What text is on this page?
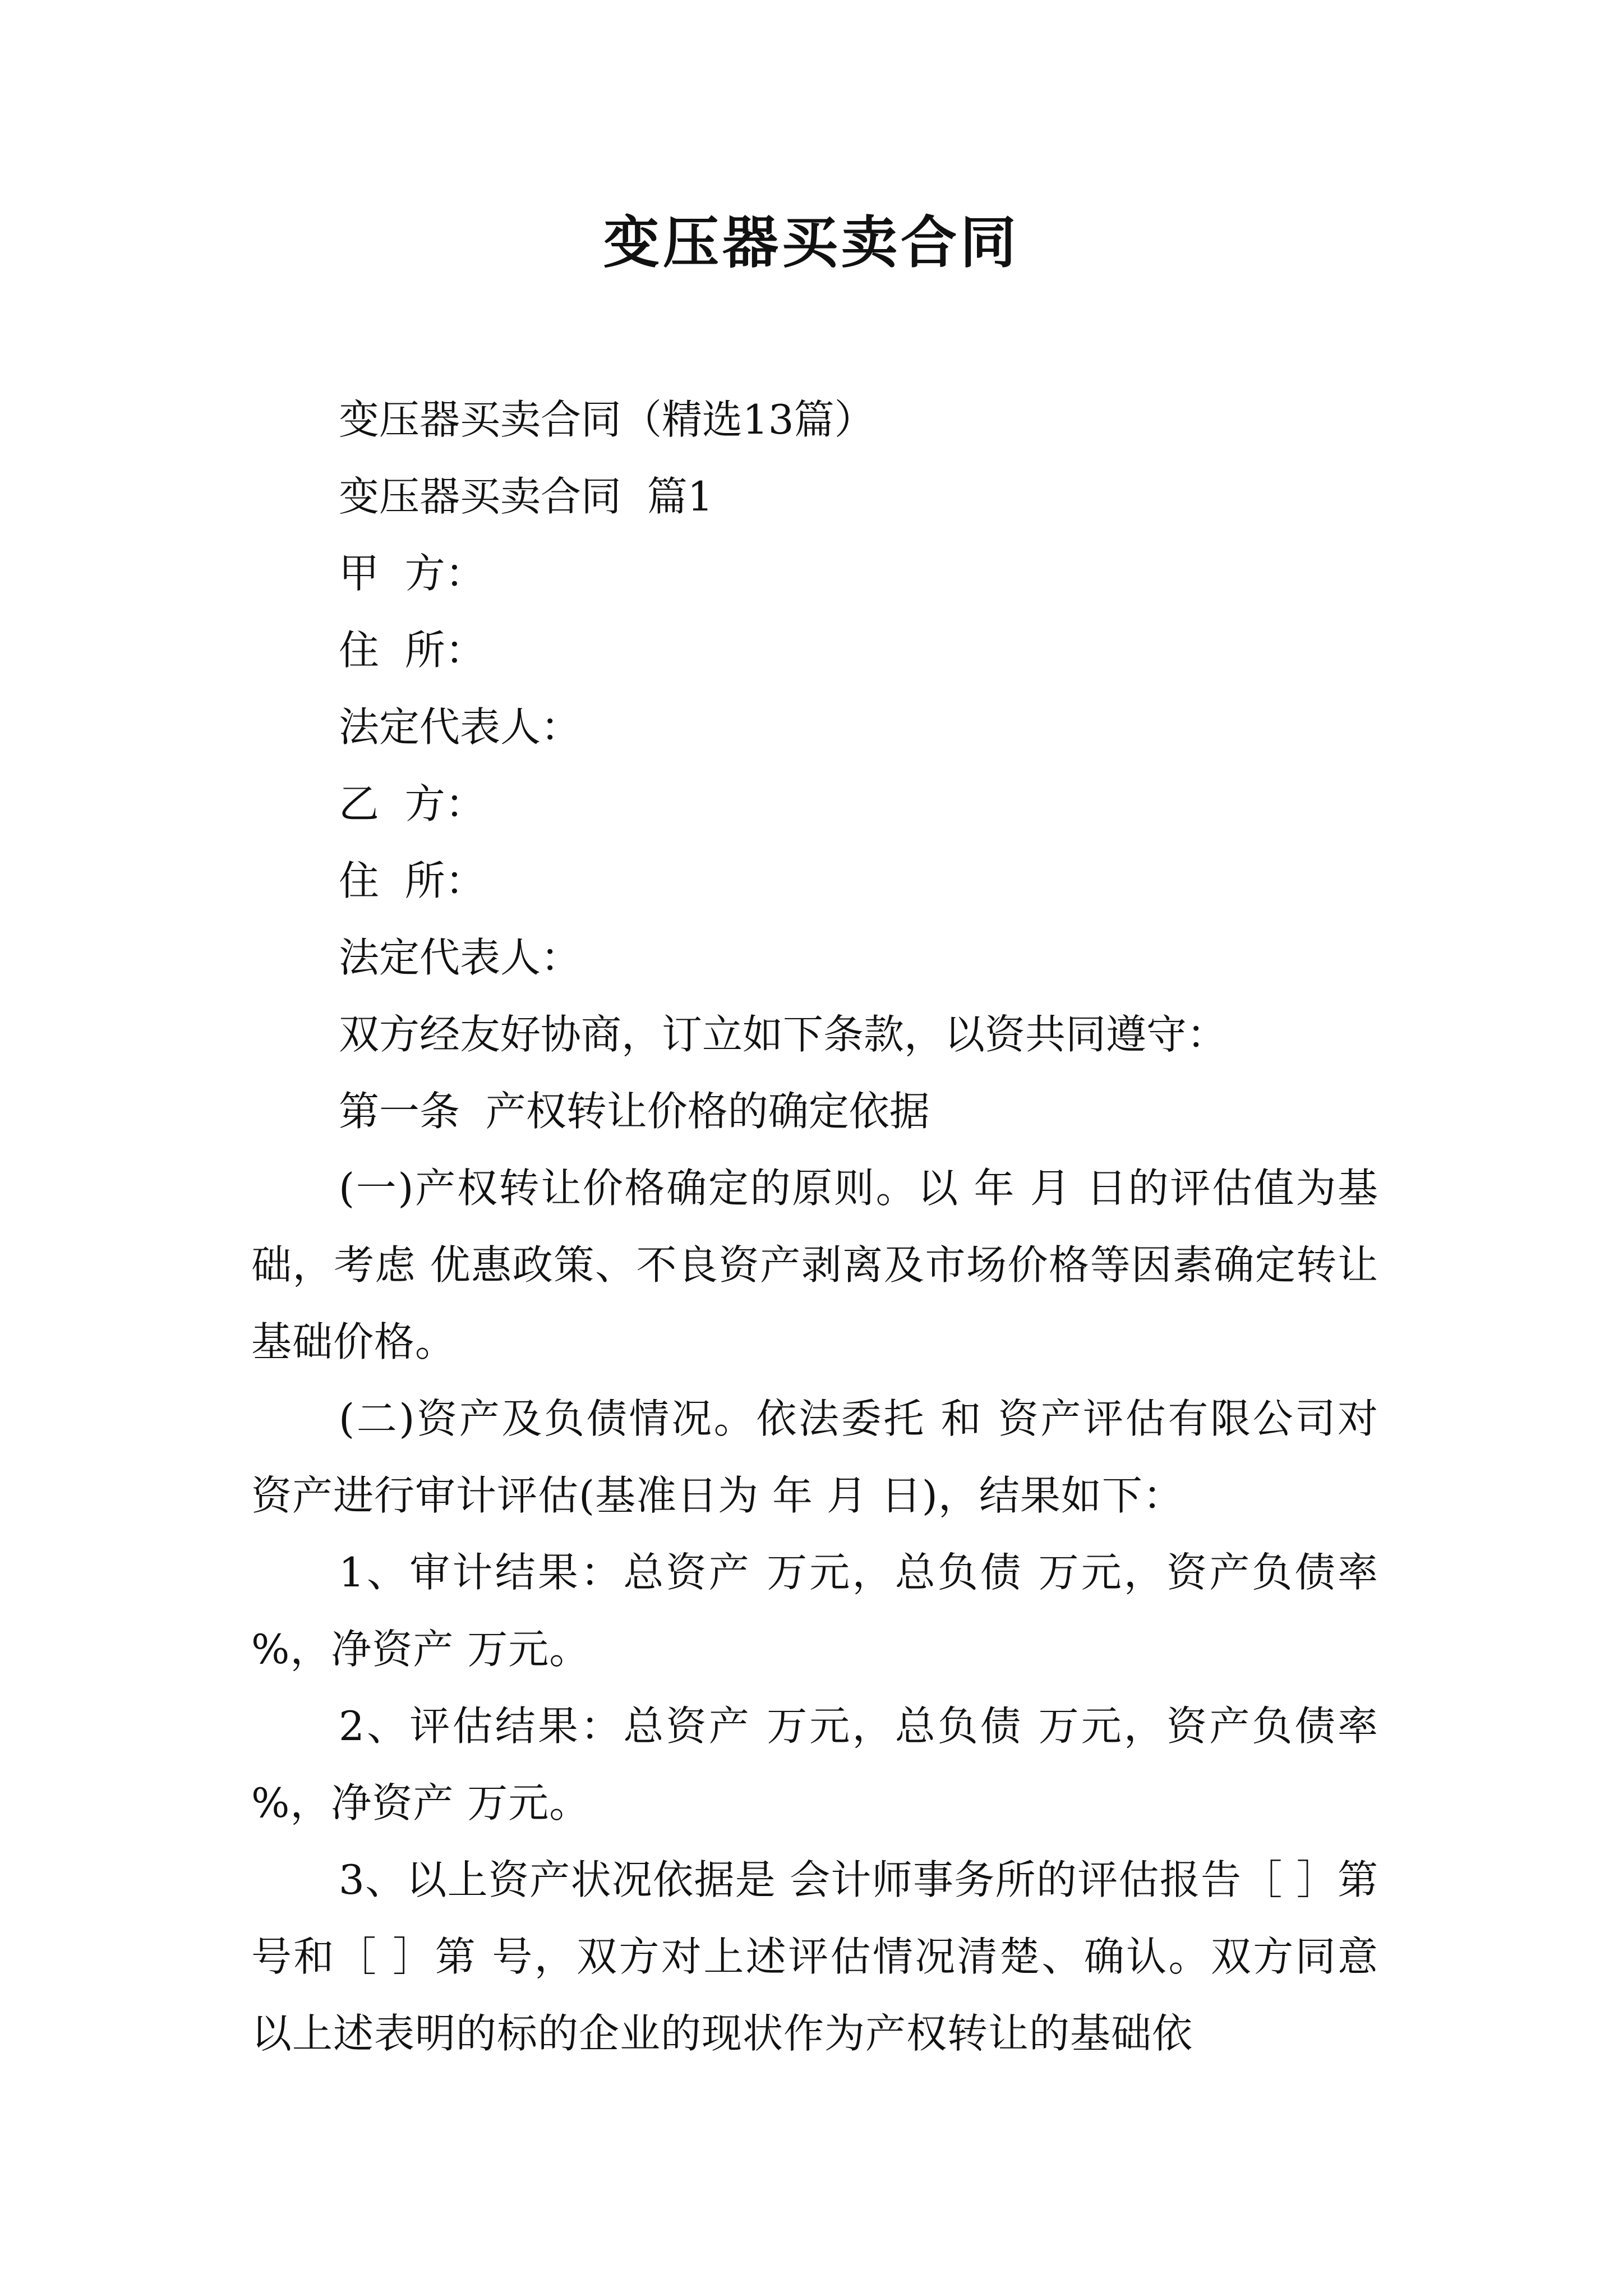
变压器买卖合同
变压器买卖合同（精选13篇）
变压器买卖合同  篇1
甲  方：
住  所：
法定代表人：
乙  方：
住  所：
法定代表人：
双方经友好协商，订立如下条款，以资共同遵守：
第一条  产权转让价格的确定依据

(一)产权转让价格确定的原则。以 年 月 日的评估值为基础，考虑 优惠政策、不良资产剥离及市场价格等因素确定转让基础价格。

(二)资产及负债情况。依法委托 和 资产评估有限公司对 资产进行审计评估(基准日为 年 月 日)，结果如下：

1、审计结果：总资产 万元，总负债 万元，资产负债率 %，净资产 万元。

2、评估结果：总资产 万元，总负债 万元，资产负债率 %，净资产 万元。

3、以上资产状况依据是 会计师事务所的评估报告［ ］第 号和［ ］第 号，双方对上述评估情况清楚、确认。双方同意以上述表明的标的企业的现状作为产权转让的基础依
